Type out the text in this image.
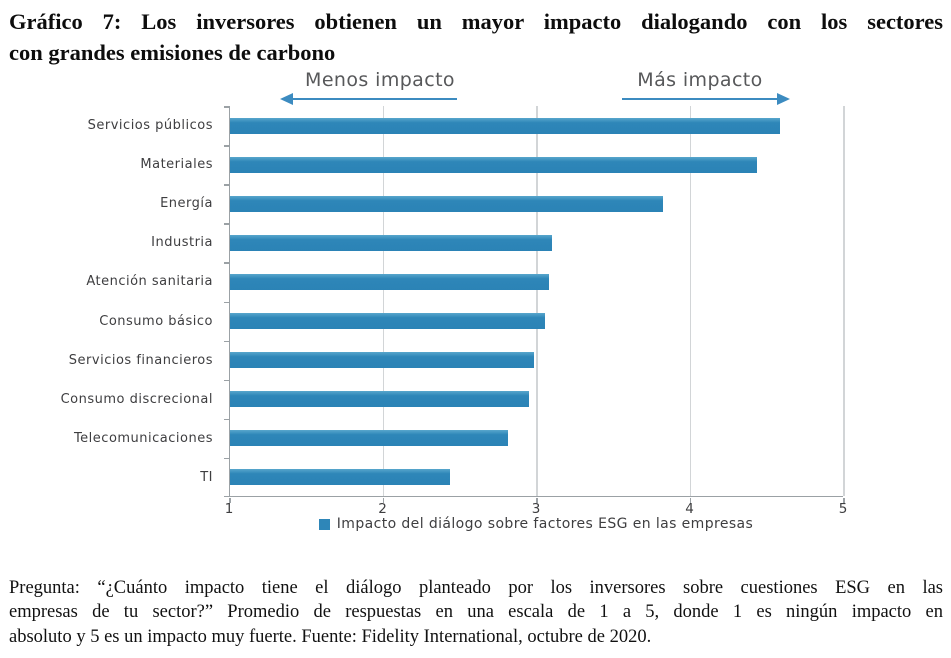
Gráfico 7: Los inversores obtienen un mayor impacto dialogando con los sectores
con grandes emisiones de carbono
Menos impacto	Más impacto
Servicios públicos
Materiales
Energía
Industria
Atención sanitaria
Consumo básico
Servicios financieros
Consumo discrecional
Telecomunicaciones
TI
1	2	3	4	5
Impacto del diálogo sobre factores ESG en las empresas
Pregunta: “¿Cuánto impacto tiene el diálogo planteado por los inversores sobre cuestiones ESG en las
empresas de tu sector?” Promedio de respuestas en una escala de 1 a 5, donde 1 es ningún impacto en
absoluto y 5 es un impacto muy fuerte. Fuente: Fidelity International, octubre de 2020.
